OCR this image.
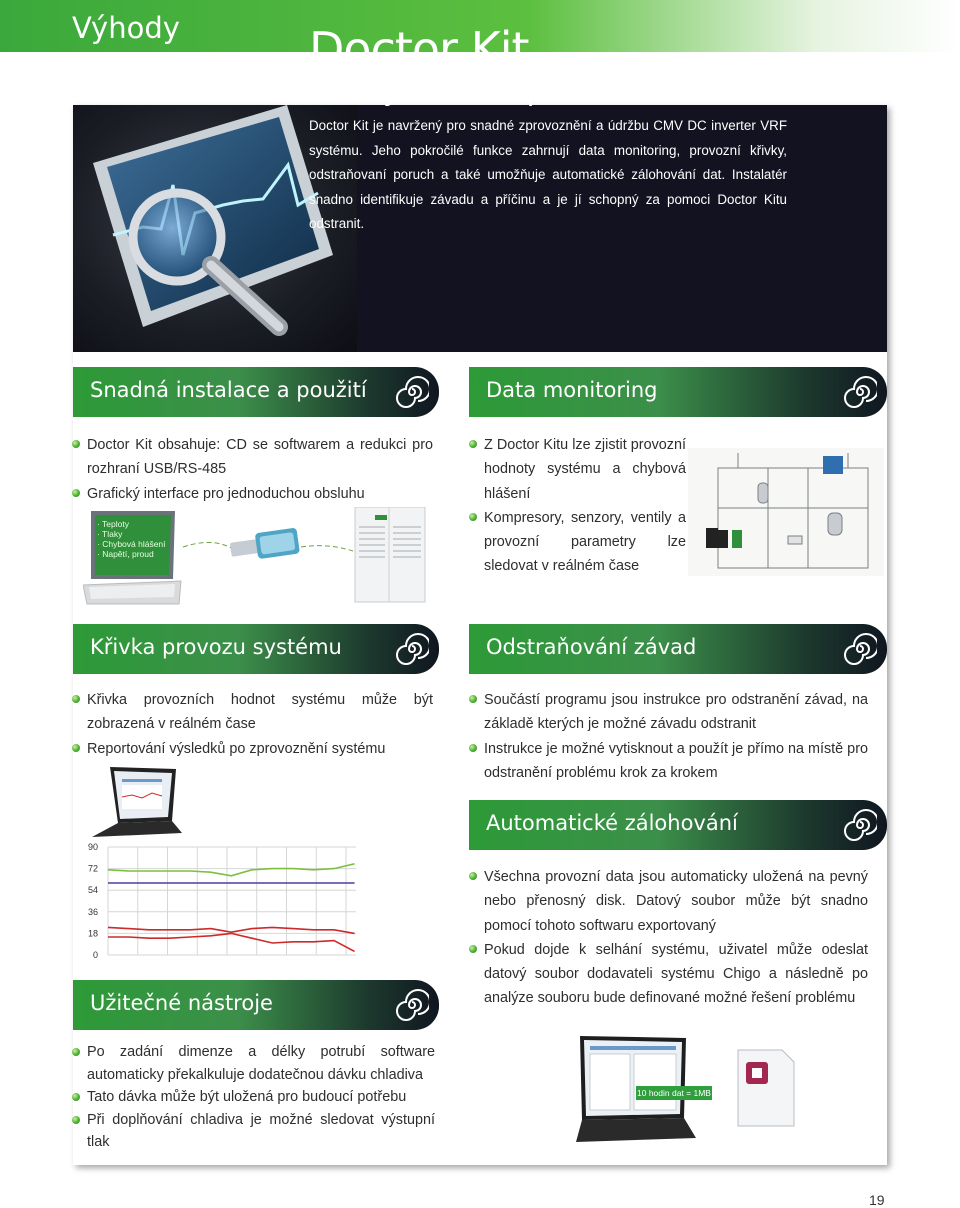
Výhody	Doctor Kit
Účinný software pro údržbu
Doctor Kit je navržený pro snadné zprovoznění a údržbu CMV DC inverter VRF systému. Jeho pokročilé funkce zahrnují data monitoring, provozní křivky, odstraňovaní poruch a také umožňuje automatické zálohování dat. Instalatér snadno identifikuje závadu a příčinu a je jí schopný za pomoci Doctor Kitu odstranit.
Snadná instalace a použití
Doctor Kit obsahuje: CD se softwarem a redukci pro rozhraní USB/RS-485
Grafický interface pro jednoduchou obsluhu
· Teploty
· Tlaky
· Chybová hlášení
· Napětí, proud
Data monitoring
Z Doctor Kitu lze zjistit provozní hodnoty systému a chybová hlášení
Kompresory, senzory, ventily a provozní parametry lze sledovat v reálném čase
Křivka provozu systému
Křivka provozních hodnot systému může být zobrazená v reálném čase
Reportování výsledků po zprovoznění systému
90
72
54
36
18
0
Odstraňování závad
Součástí programu jsou instrukce pro odstranění závad, na základě kterých je možné závadu odstranit
Instrukce je možné vytisknout a použít je přímo na místě pro odstranění problému krok za krokem
Automatické zálohování
Všechna provozní data jsou automaticky uložená na pevný nebo přenosný disk. Datový soubor může být snadno pomocí tohoto softwaru exportovaný
Pokud dojde k selhání systému, uživatel může odeslat datový soubor dodavateli systému Chigo a následně po analýze souboru bude definované možné řešení problému
10 hodin dat = 1MB
Užitečné nástroje
Po zadání dimenze a délky potrubí software automaticky překalkuluje dodatečnou dávku chladiva
Tato dávka může být uložená pro budoucí potřebu
Při doplňování chladiva je možné sledovat výstupní tlak
19
